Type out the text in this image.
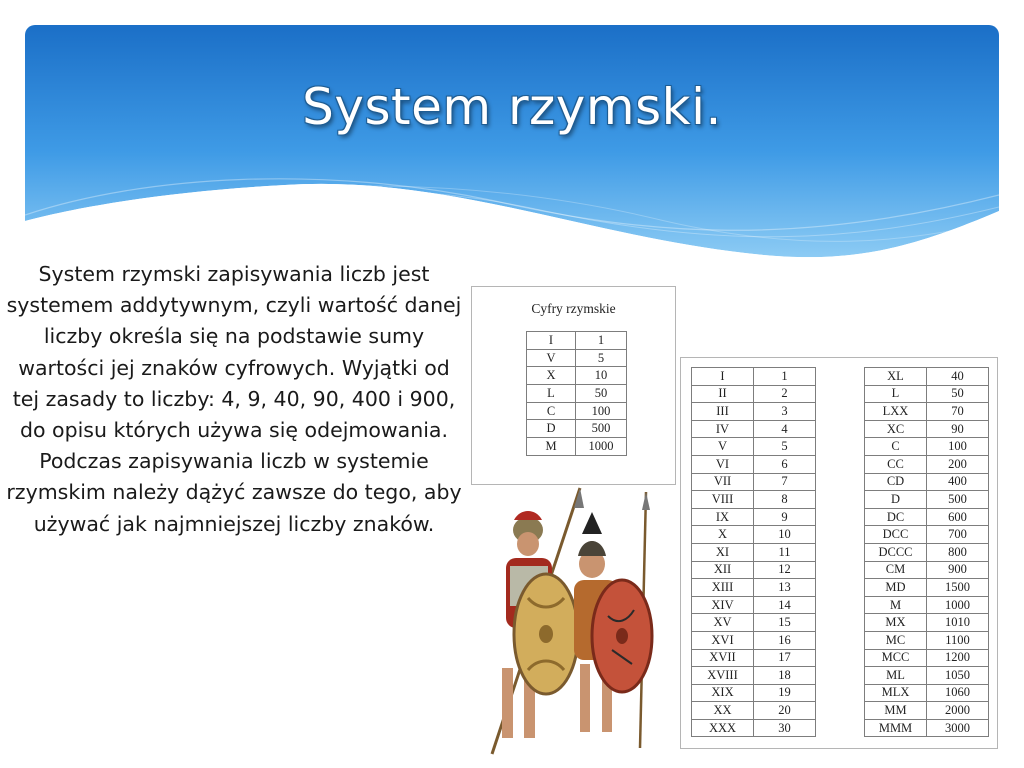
System rzymski.

System rzymski zapisywania liczb jest systemem addytywnym, czyli wartość danej liczby określa się na podstawie sumy wartości jej znaków cyfrowych. Wyjątki od tej zasady to liczby: 4, 9, 40, 90, 400 i 900, do opisu których używa się odejmowania.

Podczas zapisywania liczb w systemie rzymskim należy dążyć zawsze do tego, aby używać jak najmniejszej liczby znaków.

Cyfry rzymskie
I	1
V	5
X	10
L	50
C	100
D	500
M	1000
I	1
II	2
III	3
IV	4
V	5
VI	6
VII	7
VIII	8
IX	9
X	10
XI	11
XII	12
XIII	13
XIV	14
XV	15
XVI	16
XVII	17
XVIII	18
XIX	19
XX	20
XXX	30
XL	40
L	50
LXX	70
XC	90
C	100
CC	200
CD	400
D	500
DC	600
DCC	700
DCCC	800
CM	900
MD	1500
M	1000
MX	1010
MC	1100
MCC	1200
ML	1050
MLX	1060
MM	2000
MMM	3000
